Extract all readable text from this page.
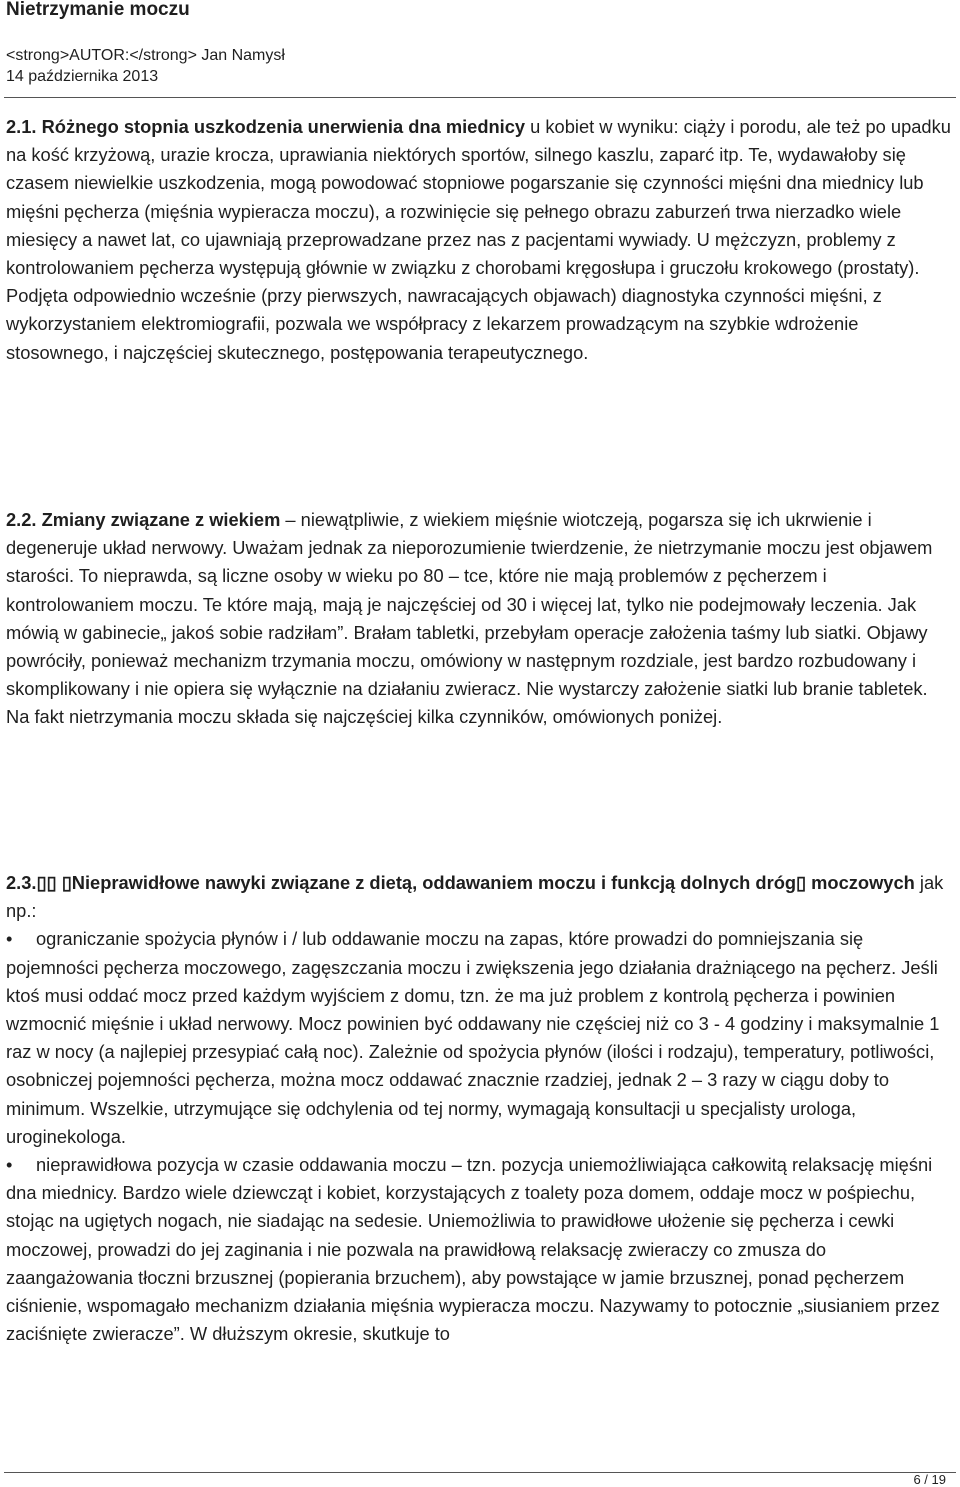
Nietrzymanie moczu
<strong>AUTOR:</strong> Jan Namysł
14 października 2013

2.1. Różnego stopnia uszkodzenia unerwienia dna miednicy u kobiet w wyniku: ciąży i porodu, ale też po upadku na kość krzyżową, urazie krocza, uprawiania niektórych sportów, silnego kaszlu, zaparć itp. Te, wydawałoby się czasem niewielkie uszkodzenia, mogą powodować stopniowe pogarszanie się czynności mięśni dna miednicy lub mięśni pęcherza (mięśnia wypieracza moczu), a rozwinięcie się pełnego obrazu zaburzeń trwa nierzadko wiele miesięcy a nawet lat, co ujawniają przeprowadzane przez nas z pacjentami wywiady. U mężczyzn, problemy z kontrolowaniem pęcherza występują głównie w związku z chorobami kręgosłupa i gruczołu krokowego (prostaty). Podjęta odpowiednio wcześnie (przy pierwszych, nawracających objawach) diagnostyka czynności mięśni, z wykorzystaniem elektromiografii, pozwala we współpracy z lekarzem prowadzącym na szybkie wdrożenie stosownego, i najczęściej skutecznego, postępowania terapeutycznego.

2.2. Zmiany związane z wiekiem – niewątpliwie, z wiekiem mięśnie wiotczeją, pogarsza się ich ukrwienie i degeneruje układ nerwowy. Uważam jednak za nieporozumienie twierdzenie, że nietrzymanie moczu jest objawem starości. To nieprawda, są liczne osoby w wieku po 80 – tce, które nie mają problemów z pęcherzem i kontrolowaniem moczu. Te które mają, mają je najczęściej od 30 i więcej lat, tylko nie podejmowały leczenia. Jak mówią w gabinecie„ jakoś sobie radziłam”. Brałam tabletki, przebyłam operacje założenia taśmy lub siatki. Objawy powróciły, ponieważ mechanizm trzymania moczu, omówiony w następnym rozdziale, jest bardzo rozbudowany i skomplikowany i nie opiera się wyłącznie na działaniu zwieracz. Nie wystarczy założenie siatki lub branie tabletek. Na fakt nietrzymania moczu składa się najczęściej kilka czynników, omówionych poniżej.

2.3.▯▯ ▯Nieprawidłowe nawyki związane z dietą, oddawaniem moczu i funkcją dolnych dróg▯ moczowych jak np.:

• ograniczanie spożycia płynów i / lub oddawanie moczu na zapas, które prowadzi do pomniejszania się pojemności pęcherza moczowego, zagęszczania moczu i zwiększenia jego działania drażniącego na pęcherz. Jeśli ktoś musi oddać mocz przed każdym wyjściem z domu, tzn. że ma już problem z kontrolą pęcherza i powinien wzmocnić mięśnie i układ nerwowy. Mocz powinien być oddawany nie częściej niż co 3 - 4 godziny i maksymalnie 1 raz w nocy (a najlepiej przesypiać całą noc). Zależnie od spożycia płynów (ilości i rodzaju), temperatury, potliwości, osobniczej pojemności pęcherza, można mocz oddawać znacznie rzadziej, jednak 2 – 3 razy w ciągu doby to minimum. Wszelkie, utrzymujące się odchylenia od tej normy, wymagają konsultacji u specjalisty urologa, uroginekologa.

• nieprawidłowa pozycja w czasie oddawania moczu – tzn. pozycja uniemożliwiająca całkowitą relaksację mięśni dna miednicy. Bardzo wiele dziewcząt i kobiet, korzystających z toalety poza domem, oddaje mocz w pośpiechu, stojąc na ugiętych nogach, nie siadając na sedesie. Uniemożliwia to prawidłowe ułożenie się pęcherza i cewki moczowej, prowadzi do jej zaginania i nie pozwala na prawidłową relaksację zwieraczy co zmusza do zaangażowania tłoczni brzusznej (popierania brzuchem), aby powstające w jamie brzusznej, ponad pęcherzem ciśnienie, wspomagało mechanizm działania mięśnia wypieracza moczu. Nazywamy to potocznie „siusianiem przez zaciśnięte zwieracze”. W dłuższym okresie, skutkuje to

6 / 19
